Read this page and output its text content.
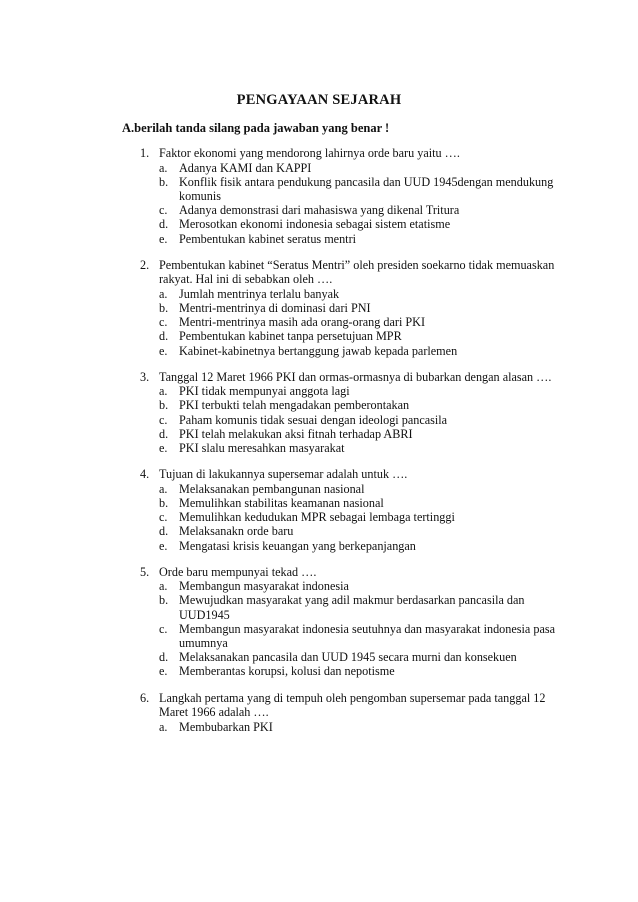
PENGAYAAN SEJARAH
A.berilah tanda silang pada jawaban yang benar !
1. Faktor ekonomi yang mendorong lahirnya orde baru yaitu ….
a. Adanya KAMI dan KAPPI
b. Konflik fisik antara pendukung pancasila dan UUD 1945dengan mendukung komunis
c. Adanya demonstrasi dari mahasiswa yang dikenal Tritura
d. Merosotkan ekonomi indonesia sebagai sistem etatisme
e. Pembentukan kabinet seratus mentri
2. Pembentukan kabinet “Seratus Mentri” oleh presiden soekarno tidak memuaskan rakyat. Hal ini di sebabkan oleh ….
a. Jumlah mentrinya terlalu banyak
b. Mentri-mentrinya di dominasi dari PNI
c. Mentri-mentrinya masih ada orang-orang dari PKI
d. Pembentukan kabinet tanpa persetujuan MPR
e. Kabinet-kabinetnya bertanggung jawab kepada parlemen
3. Tanggal 12 Maret 1966 PKI dan ormas-ormasnya di bubarkan dengan alasan ….
a. PKI tidak mempunyai anggota lagi
b. PKI terbukti telah mengadakan pemberontakan
c. Paham komunis tidak sesuai dengan ideologi pancasila
d. PKI telah melakukan aksi fitnah terhadap ABRI
e. PKI slalu meresahkan masyarakat
4. Tujuan di lakukannya supersemar adalah untuk ….
a. Melaksanakan pembangunan nasional
b. Memulihkan stabilitas keamanan nasional
c. Memulihkan kedudukan MPR sebagai lembaga tertinggi
d. Melaksanakn orde baru
e. Mengatasi krisis keuangan yang berkepanjangan
5. Orde baru mempunyai tekad ….
a. Membangun masyarakat indonesia
b. Mewujudkan masyarakat yang adil makmur berdasarkan pancasila dan UUD1945
c. Membangun masyarakat indonesia seutuhnya dan masyarakat indonesia pasa umumnya
d. Melaksanakan pancasila dan UUD 1945 secara murni dan konsekuen
e. Memberantas korupsi, kolusi dan nepotisme
6. Langkah pertama yang di tempuh oleh pengomban supersemar pada tanggal 12 Maret 1966 adalah ….
a. Membubarkan PKI
